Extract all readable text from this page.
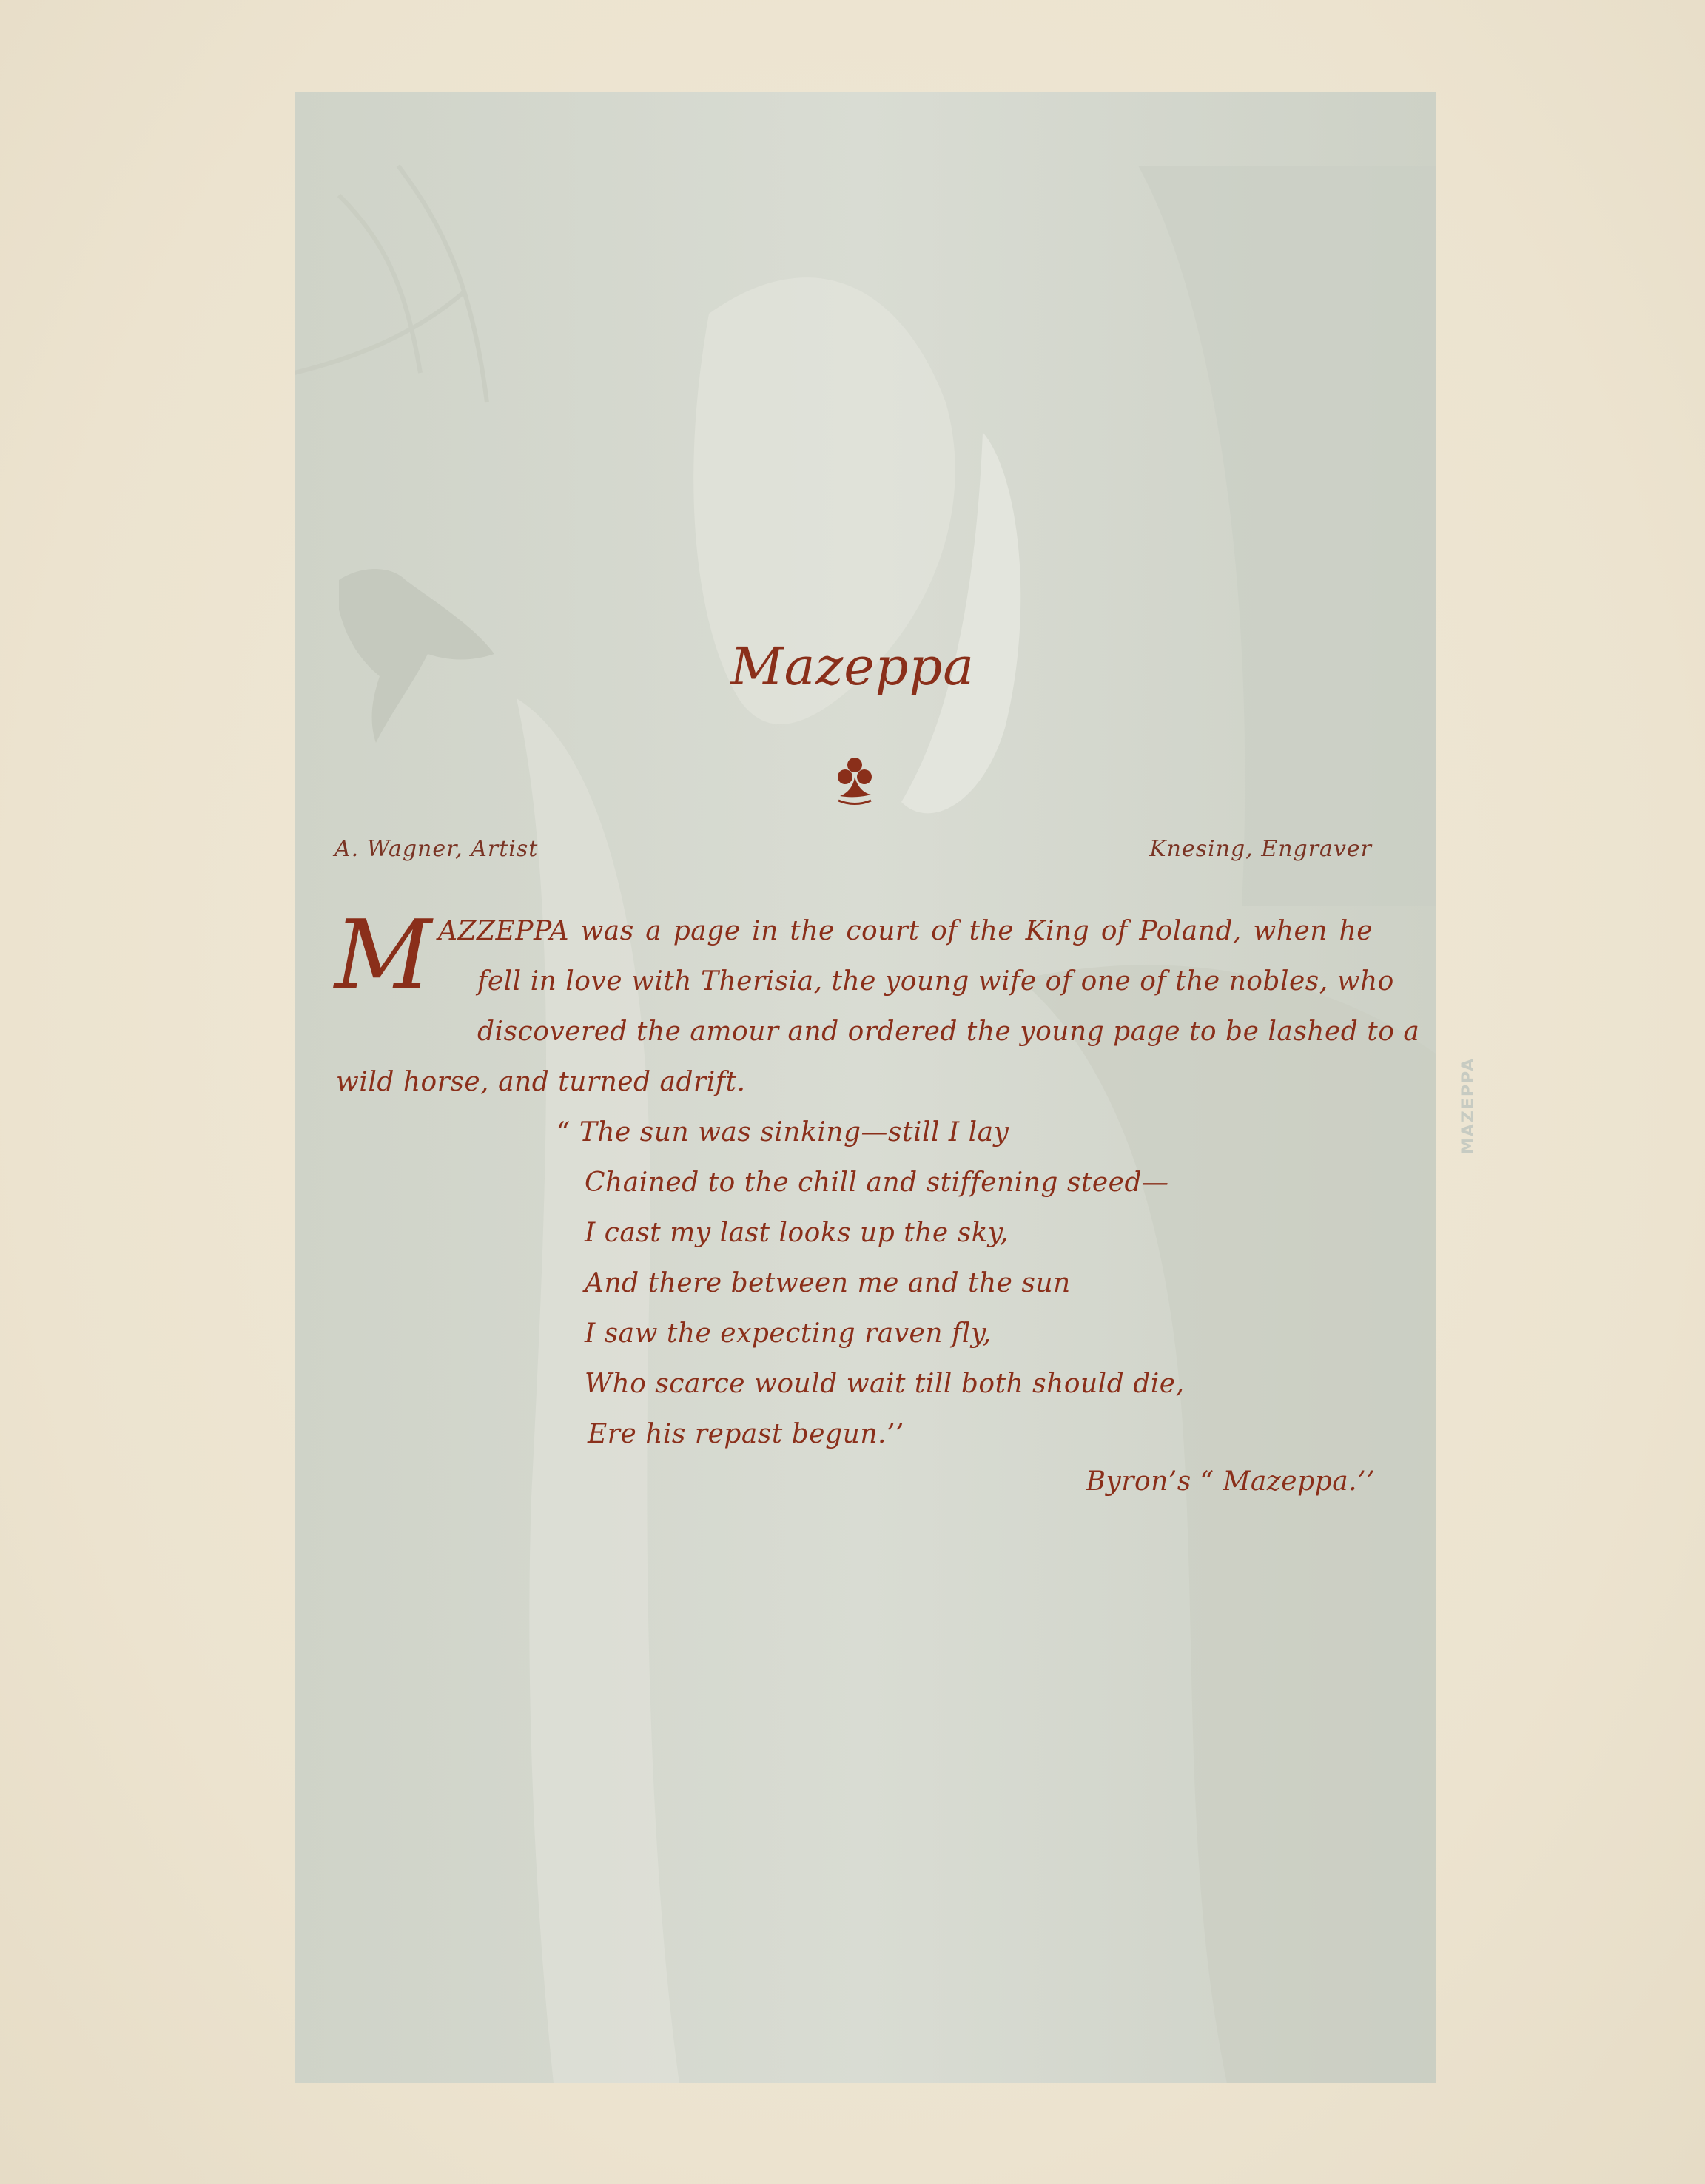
Mazeppa
A. Wagner, Artist	Knesing, Engraver
M AZZEPPA was a page in the court of the King of Poland, when he
fell in love with Therisia, the young wife of one of the nobles, who
discovered the amour and ordered the young page to be lashed to a
wild horse, and turned adrift.
“ The sun was sinking—still I lay
Chained to the chill and stiffening steed—
I cast my last looks up the sky,
And there between me and the sun
I saw the expecting raven fly,
Who scarce would wait till both should die,
Ere his repast begun.’’
Byron’s “ Mazeppa.’’
MAZEPPA
